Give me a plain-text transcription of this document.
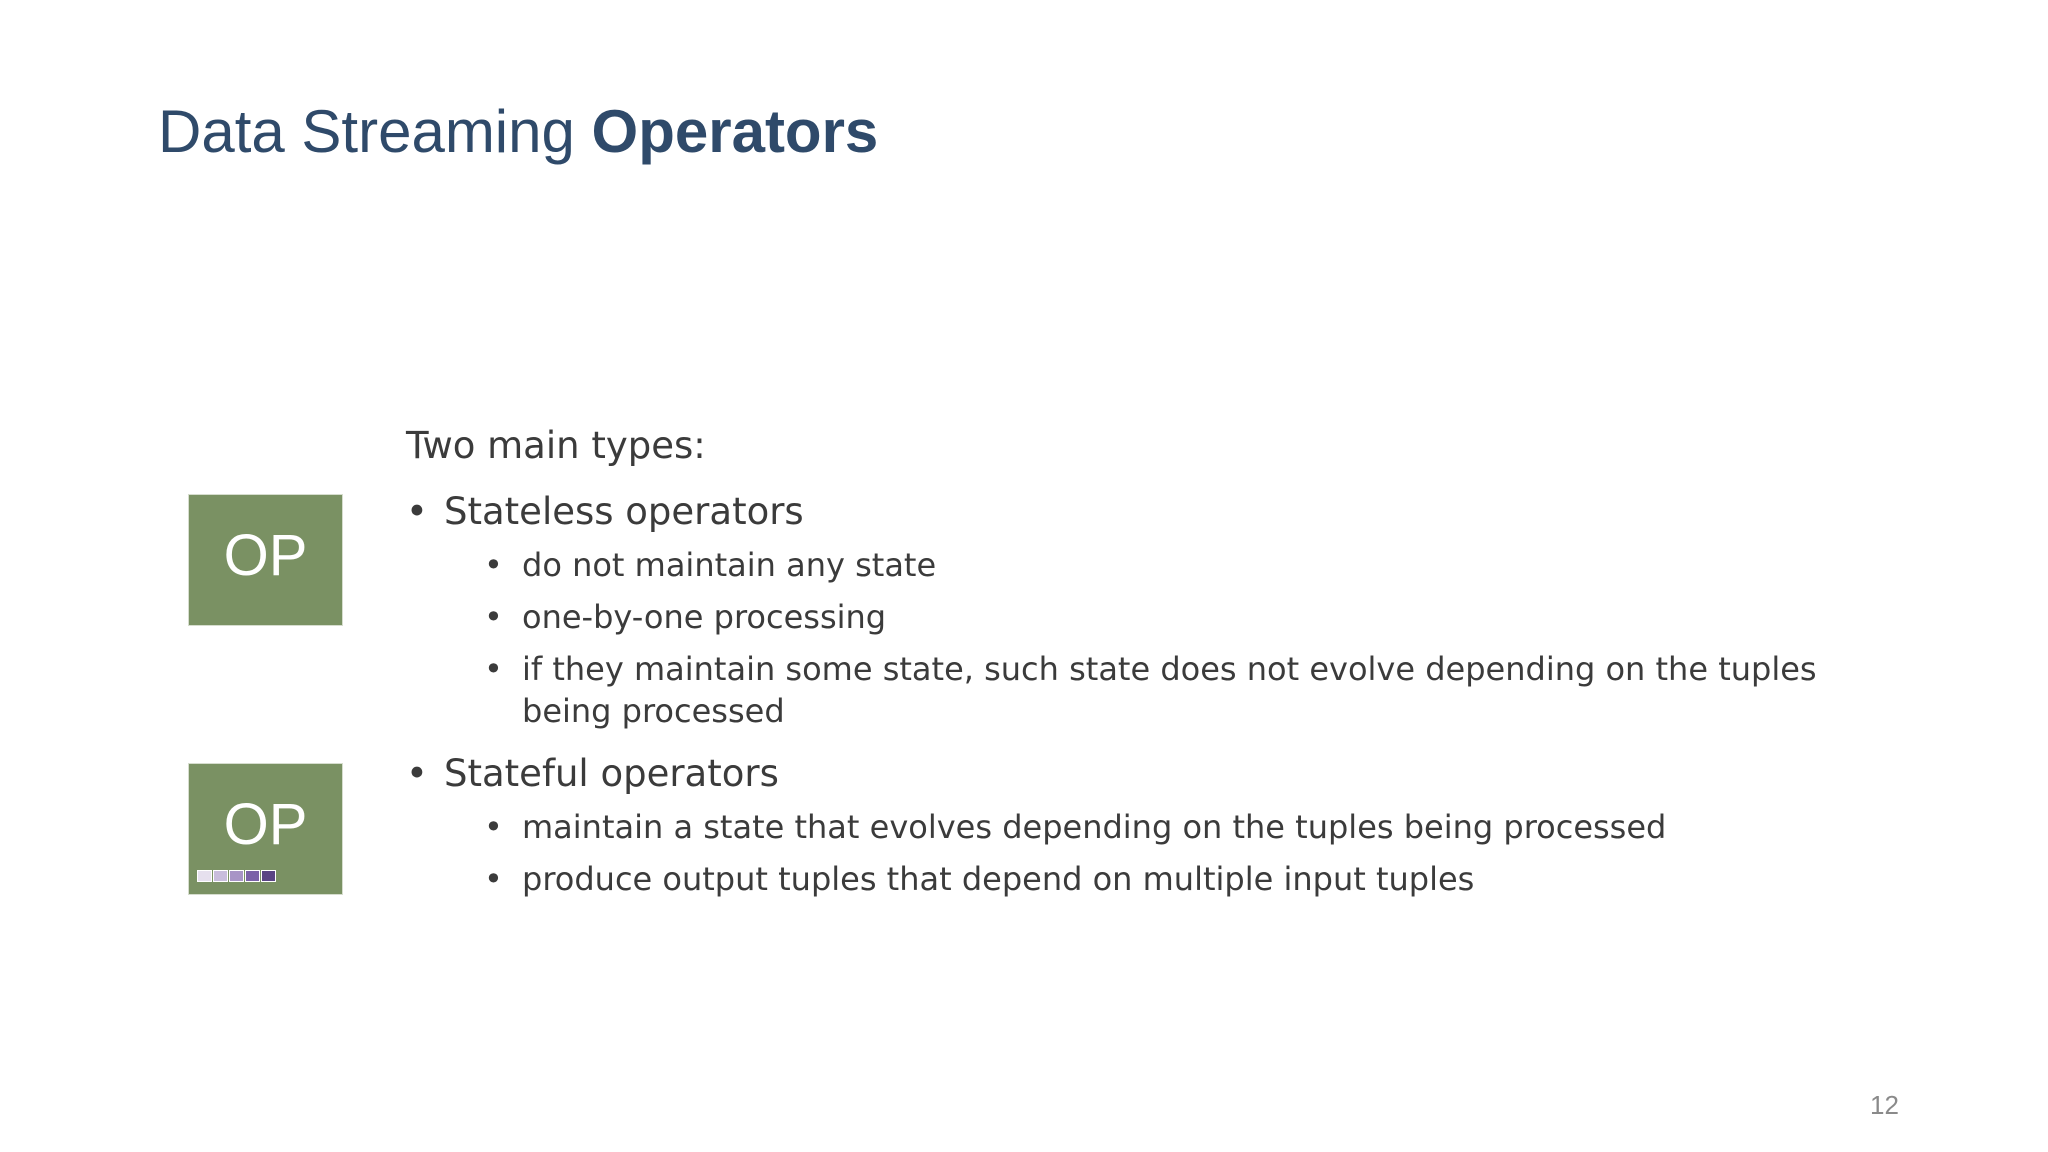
Data Streaming Operators
OP
OP

Two main types:

• Stateless operators
• do not maintain any state
• one-by-one processing
• if they maintain some state, such state does not evolve depending on the tuples being processed
• Stateful operators
• maintain a state that evolves depending on the tuples being processed
• produce output tuples that depend on multiple input tuples
12
